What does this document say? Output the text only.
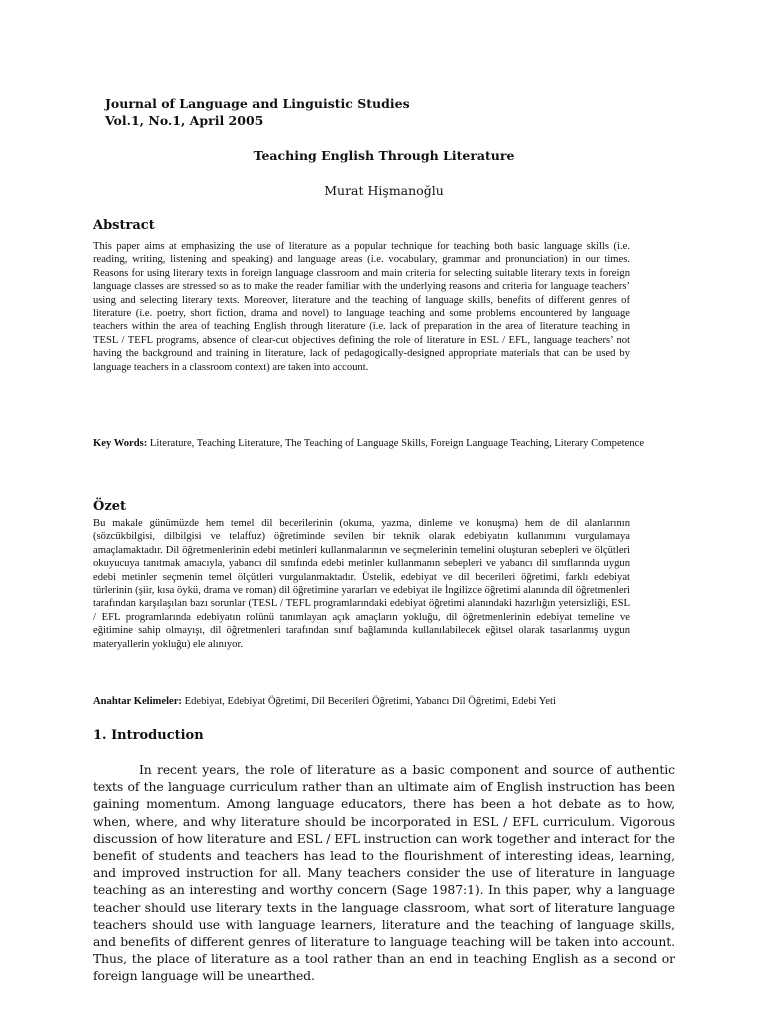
Journal of Language and Linguistic Studies
Vol.1, No.1, April 2005
Teaching English Through Literature
Murat Hişmanoğlu
Abstract
This paper aims at emphasizing the use of literature as a popular technique for teaching both basic language skills (i.e. reading, writing, listening and speaking) and language areas (i.e. vocabulary, grammar and pronunciation) in our times. Reasons for using literary texts in foreign language classroom and main criteria for selecting suitable literary texts in foreign language classes are stressed so as to make the reader familiar with the underlying reasons and criteria for language teachers’ using and selecting literary texts. Moreover, literature and the teaching of language skills, benefits of different genres of literature (i.e. poetry, short fiction, drama and novel) to language teaching and some problems encountered by language teachers within the area of teaching English through literature (i.e. lack of preparation in the area of literature teaching in TESL / TEFL programs, absence of clear-cut objectives defining the role of literature in ESL / EFL, language teachers’ not having the background and training in literature, lack of pedagogically-designed appropriate materials that can be used by language teachers in a classroom context) are taken into account.
Key Words: Literature, Teaching Literature, The Teaching of Language Skills, Foreign Language Teaching, Literary Competence
Özet
Bu makale günümüzde hem temel dil becerilerinin (okuma, yazma, dinleme ve konuşma) hem de dil alanlarının (sözcükbilgisi, dilbilgisi ve telaffuz) öğretiminde sevilen bir teknik olarak edebiyatın kullanımını vurgulamaya amaçlamaktadır. Dil öğretmenlerinin edebi metinleri kullanmalarının ve seçmelerinin temelini oluşturan sebepleri ve ölçütleri okuyucuya tanıtmak amacıyla, yabancı dil sınıfında edebi metinler kullanmanın sebepleri ve yabancı dil sınıflarında uygun edebi metinler seçmenin temel ölçütleri vurgulanmaktadır. Üstelik, edebiyat ve dil becerileri öğretimi, farklı edebiyat türlerinin (şiir, kısa öykü, drama ve roman) dil öğretimine yararları ve edebiyat ile İngilizce öğretimi alanında dil öğretmenleri tarafından karşılaşılan bazı sorunlar (TESL / TEFL programlarındaki edebiyat öğretimi alanındaki hazırlığın yetersizliği, ESL / EFL programlarında edebiyatın rolünü tanımlayan açık amaçların yokluğu, dil öğretmenlerinin edebiyat temeline ve eğitimine sahip olmayışı, dil öğretmenleri tarafından sınıf bağlamında kullanılabilecek eğitsel olarak tasarlanmış uygun materyallerin yokluğu) ele alınıyor.
Anahtar Kelimeler: Edebiyat, Edebiyat Öğretimi, Dil Becerileri Öğretimi, Yabancı Dil Öğretimi, Edebi Yeti
1. Introduction
In recent years, the role of literature as a basic component and source of authentic texts of the language curriculum rather than an ultimate aim of English instruction has been gaining momentum. Among language educators, there has been a hot debate as to how, when, where, and why literature should be incorporated in ESL / EFL curriculum. Vigorous discussion of how literature and ESL / EFL instruction can work together and interact for the benefit of students and teachers has lead to the flourishment of interesting ideas, learning, and improved instruction for all. Many teachers consider the use of literature in language teaching as an interesting and worthy concern (Sage 1987:1). In this paper, why a language teacher should use literary texts in the language classroom, what sort of literature language teachers should use with language learners, literature and the teaching of language skills, and benefits of different genres of literature to language teaching will be taken into account. Thus, the place of literature as a tool rather than an end in teaching English as a second or foreign language will be unearthed.
